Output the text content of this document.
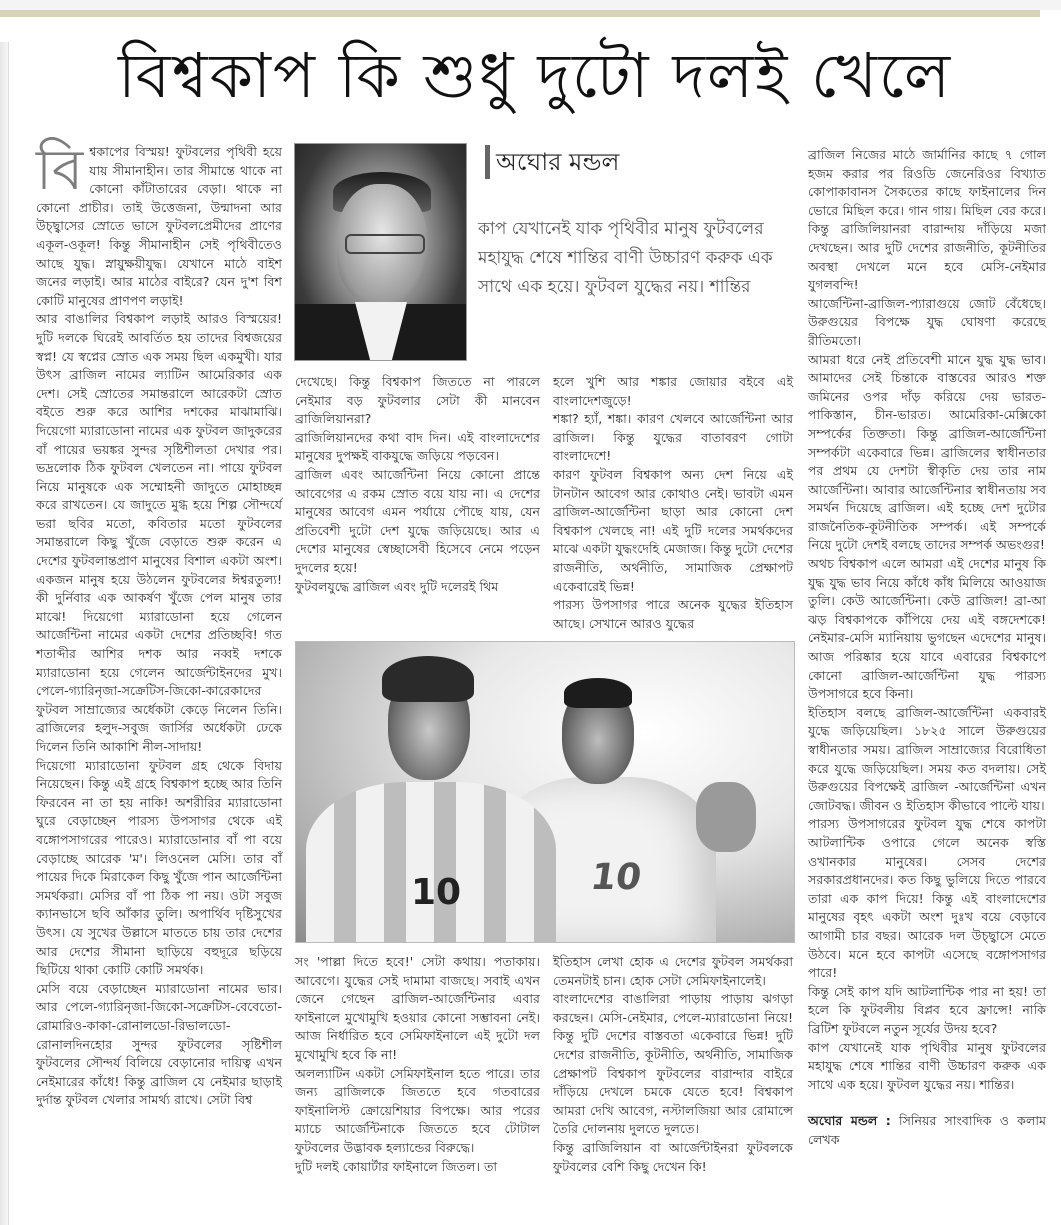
বিশ্বকাপ কি শুধু দুটো দলই খেলে

বি শ্বকাপের বিস্ময়! ফুটবলের পৃথিবী হয়ে যায় সীমানাহীন। তার সীমান্তে থাকে না কোনো কাঁটাতারের বেড়া। থাকে না কোনো প্রাচীর। তাই উত্তেজনা, উন্মাদনা আর উচ্ছ্বাসের স্রোতে ভাসে ফুটবলপ্রেমীদের প্রাণের একূল-ওকূল! কিন্তু সীমানাহীন সেই পৃথিবীতেও আছে যুদ্ধ। স্নায়ুক্ষয়ীযুদ্ধ। যেখানে মাঠে বাইশ জনের লড়াই। আর মাঠের বাইরে? যেন দু'শ বিশ কোটি মানুষের প্রাণপণ লড়াই!

আর বাঙালির বিশ্বকাপ লড়াই আরও বিস্ময়ের! দুটি দলকে ঘিরেই আবর্তিত হয় তাদের বিশ্বজয়ের স্বপ্ন! যে স্বপ্নের স্রোত এক সময় ছিল একমুখী। যার উৎস ব্রাজিল নামের ল্যাটিন আমেরিকার এক দেশ। সেই স্রোতের সমান্তরালে আরেকটা স্রোত বইতে শুরু করে আশির দশকের মাঝামাঝি। দিয়েগো ম্যারাডোনা নামের এক ফুটবল জাদুকরের বাঁ পায়ের ভয়ঙ্কর সুন্দর সৃষ্টিশীলতা দেখার পর। ভদ্রলোক ঠিক ফুটবল খেলতেন না। পায়ে ফুটবল নিয়ে মানুষকে এক সম্মোহনী জাদুতে মোহাচ্ছন্ন করে রাখতেন। যে জাদুতে মুগ্ধ হয়ে শিল্প সৌন্দর্যে ভরা ছবির মতো, কবিতার মতো ফুটবলের সমান্তরালে কিছু খুঁজে বেড়াতে শুরু করেন এ দেশের ফুটবলান্তপ্রাণ মানুষের বিশাল একটা অংশ। একজন মানুষ হয়ে উঠলেন ফুটবলের ঈশ্বরতুল্য! কী দুর্নিবার এক আকর্ষণ খুঁজে পেল মানুষ তার মাঝে! দিয়েগো ম্যারাডোনা হয়ে গেলেন আর্জেন্টিনা নামের একটা দেশের প্রতিচ্ছবি! গত শতাব্দীর আশির দশক আর নব্বই দশকে ম্যারাডোনা হয়ে গেলেন আর্জেন্টাইনদের মুখ। পেলে-গ্যারিনৃজা-সক্রেটিস-জিকো-কারেকাদের ফুটবল সাম্রাজ্যের অর্ধেকটা কেড়ে নিলেন তিনি। ব্রাজিলের হলুদ-সবুজ জার্সির অর্ধেকটা ঢেকে দিলেন তিনি আকাশি নীল-সাদায়!

দিয়েগো ম্যারাডোনা ফুটবল গ্রহ থেকে বিদায় নিয়েছেন। কিন্তু এই গ্রহে বিশ্বকাপ হচ্ছে আর তিনি ফিরবেন না তা হয় নাকি! অশরীরির ম্যারাডোনা ঘুরে বেড়াচ্ছেন পারস্য উপসাগর থেকে এই বঙ্গোপসাগরের পারেও। ম্যারাডোনার বাঁ পা বয়ে বেড়াচ্ছে আরেক 'ম'। লিওনেল মেসি। তার বাঁ পায়ের দিকে মিরাকেল কিছু খুঁজে পান আর্জেন্টিনা সমর্থকরা। মেসির বাঁ পা ঠিক পা নয়। ওটা সবুজ ক্যানভাসে ছবি আঁকার তুলি। অপার্থিব দৃষ্টিসুখের উৎস। যে সুখের উল্লাসে মাততে চায় তার দেশের আর দেশের সীমানা ছাড়িয়ে বহুদূরে ছড়িয়ে ছিটিয়ে থাকা কোটি কোটি সমর্থক।

মেসি বয়ে বেড়াচ্ছেন ম্যারাডোনা নামের ভার। আর পেলে-গ্যারিনৃজা-জিকো-সক্রেটিস-বেবেতো-রোমারিও-কাকা-রোনালডো-রিভালডো-রোনালদিনহোর সুন্দর ফুটবলের সৃষ্টিশীল ফুটবলের সৌন্দর্য বিলিয়ে বেড়ানোর দায়িত্ব এখন নেইমারের কাঁধে! কিন্তু ব্রাজিল যে নেইমার ছাড়াই দুর্দান্ত ফুটবল খেলার সামর্থ্য রাখে। সেটা বিশ্ব

অঘোর মন্ডল
কাপ যেখানেই যাক পৃথিবীর মানুষ ফুটবলের মহাযুদ্ধ শেষে শান্তির বাণী উচ্চারণ করুক এক সাথে এক হয়ে। ফুটবল যুদ্ধের নয়। শান্তির

দেখেছে। কিন্তু বিশ্বকাপ জিততে না পারলে নেইমার বড় ফুটবলার সেটা কী মানবেন ব্রাজিলিয়ানরা?

ব্রাজিলিয়ানদের কথা বাদ দিন। এই বাংলাদেশের মানুষের দুপক্ষই বাকযুদ্ধে জড়িয়ে পড়বেন।

ব্রাজিল এবং আর্জেন্টিনা নিয়ে কোনো প্রান্তে আবেগের এ রকম স্রোত বয়ে যায় না। এ দেশের মানুষের আবেগ এমন পর্যায়ে পৌছে যায়, যেন প্রতিবেশী দুটো দেশ যুদ্ধে জড়িয়েছে। আর এ দেশের মানুষের স্বেচ্ছাসেবী হিসেবে নেমে পড়েন দুদলের হয়ে!

ফুটবলযুদ্ধে ব্রাজিল এবং দুটি দলেরই থিম

হলে খুশি আর শঙ্কার জোয়ার বইবে এই বাংলাদেশজুড়ে!

শঙ্কা? হ্যাঁ, শঙ্কা। কারণ খেলবে আর্জেন্টিনা আর ব্রাজিল। কিন্তু যুদ্ধের বাতাবরণ গোটা বাংলাদেশে!

কারণ ফুটবল বিশ্বকাপ অন্য দেশ নিয়ে এই টানটান আবেগ আর কোথাও নেই। ভাবটা এমন ব্রাজিল-আর্জেন্টিনা ছাড়া আর কোনো দেশ বিশ্বকাপ খেলছে না! এই দুটি দলের সমর্থকদের মাঝে একটা যুদ্ধংদেহি মেজাজ। কিন্তু দুটো দেশের রাজনীতি, অর্থনীতি, সামাজিক প্রেক্ষাপট একেবারেই ভিন্ন!

পারস্য উপসাগর পারে অনেক যুদ্ধের ইতিহাস আছে। সেখানে আরও যুদ্ধের

10	10

সং 'পাল্লা দিতে হবে!' সেটা কথায়। পতাকায়। আবেগে। যুদ্ধের সেই দামামা বাজছে। সবাই এখন জেনে গেছেন ব্রাজিল-আর্জেন্টিনার এবার ফাইনালে মুখোমুখি হওয়ার কোনো সম্ভাবনা নেই। আজ নির্ধারিত হবে সেমিফাইনালে এই দুটো দল মুখোমুখি হবে কি না!

অলল্যাটিন একটা সেমিফাইনাল হতে পারে। তার জন্য ব্রাজিলকে জিততে হবে গতবারের ফাইনালিস্ট ক্রোয়েশিয়ার বিপক্ষে। আর পরের ম্যাচে আর্জেন্টিনাকে জিততে হবে টোটাল ফুটবলের উদ্ভাবক হল্যান্ডের বিরুদ্ধে।

দুটি দলই কোয়ার্টার ফাইনালে জিতল। তা

ইতিহাস লেখা হোক এ দেশের ফুটবল সমর্থকরা তেমনটাই চান। হোক সেটা সেমিফাইনালেই।

বাংলাদেশের বাঙালিরা পাড়ায় পাড়ায় ঝগড়া করছেন। মেসি-নেইমার, পেলে-ম্যারাডোনা নিয়ে! কিন্তু দুটি দেশের বাস্তবতা একেবারে ভিন্ন! দুটি দেশের রাজনীতি, কূটনীতি, অর্থনীতি, সামাজিক প্রেক্ষাপট বিশ্বকাপ ফুটবলের বারান্দার বাইরে দাঁড়িয়ে দেখলে চমকে যেতে হবে! বিশ্বকাপ আমরা দেখি আবেগ, নস্টালজিয়া আর রোমান্সে তৈরি দোলনায় দুলতে দুলতে।

কিন্তু ব্রাজিলিয়ান বা আর্জেন্টাইনরা ফুটবলকে ফুটবলের বেশি কিছু দেখেন কি!

ব্রাজিল নিজের মাঠে জার্মানির কাছে ৭ গোল হজম করার পর রিওডি জেনেরিওর বিখ্যাত কোপাকাবানস সৈকতের কাছে ফাইনালের দিন ভোরে মিছিল করে। গান গায়। মিছিল বের করে। কিন্তু ব্রাজিলিয়ানরা বারান্দায় দাঁড়িয়ে মজা দেখছেন। আর দুটি দেশের রাজনীতি, কূটনীতির অবস্থা দেখলে মনে হবে মেসি-নেইমার যুগলবন্দি!

আর্জেন্টিনা-ব্রাজিল-প্যারাগুয়ে জোট বেঁধেছে। উরুগুয়ের বিপক্ষে যুদ্ধ ঘোষণা করেছে রীতিমতো।

আমরা ধরে নেই প্রতিবেশী মানে যুদ্ধ যুদ্ধ ভাব। আমাদের সেই চিন্তাকে বাস্তবের আরও শক্ত জমিনের ওপর দাঁড় করিয়ে দেয় ভারত-পাকিস্তান, চীন-ভারত। আমেরিকা-মেক্সিকো সম্পর্কের তিক্ততা। কিন্তু ব্রাজিল-আর্জেন্টিনা সম্পর্কটা একেবারে ভিন্ন। ব্রাজিলের স্বাধীনতার পর প্রথম যে দেশটা স্বীকৃতি দেয় তার নাম আর্জেন্টিনা। আবার আর্জেন্টিনার স্বাধীনতায় সব সমর্থন দিয়েছে ব্রাজিল। এই হচ্ছে দেশ দুটোর রাজনৈতিক-কূটনীতিক সম্পর্ক। এই সম্পর্কে নিয়ে দুটো দেশই বলছে তাদের সম্পর্ক অভংগুর!

অথচ বিশ্বকাপ এলে আমরা এই দেশের মানুষ কি যুদ্ধ যুদ্ধ ভাব নিয়ে কাঁধে কাঁধ মিলিয়ে আওয়াজ তুলি। কেউ আর্জেন্টিনা। কেউ ব্রাজিল! ব্রা-আ ঝড় বিশ্বকাপকে কাঁপিয়ে দেয় এই বঙ্গদেশকে! নেইমার-মেসি ম্যানিয়ায় ভুগছেন এদেশের মানুষ। আজ পরিষ্কার হয়ে যাবে এবারের বিশ্বকাপে কোনো ব্রাজিল-আর্জেন্টিনা যুদ্ধ পারস্য উপসাগরে হবে কিনা।

ইতিহাস বলছে ব্রাজিল-আর্জেন্টিনা একবারই যুদ্ধে জড়িয়েছিল। ১৮২৫ সালে উরুগুয়ের স্বাধীনতার সময়। ব্রাজিল সাম্রাজ্যের বিরোধিতা করে যুদ্ধে জড়িয়েছিল। সময় কত বদলায়। সেই উরুগুয়ের বিপক্ষেই ব্রাজিল -আর্জেন্টিনা এখন জোটবদ্ধ। জীবন ও ইতিহাস কীভাবে পাল্টে যায়।

পারস্য উপসাগরের ফুটবল যুদ্ধ শেষে কাপটা আটলান্টিক ওপারে গেলে অনেক স্বস্তি ওখানকার মানুষের। সেসব দেশের সরকারপ্রধানদের। কত কিছু ভুলিয়ে দিতে পারবে তারা এক কাপ দিয়ে! কিন্তু এই বাংলাদেশের মানুষের বৃহৎ একটা অংশ দুঃখ বয়ে বেড়াবে আগামী চার বছর। আরেক দল উচ্ছ্বাসে মেতে উঠবে। মনে হবে কাপটা এসেছে বঙ্গোপসাগর পারে!

কিন্তু সেই কাপ যদি আটলান্টিক পার না হয়! তা হলে কি ফুটবলীয় বিপ্লব হবে ফ্রান্সে! নাকি ব্রিটিশ ফুটবলে নতুন সূর্যের উদয় হবে?

কাপ যেখানেই যাক পৃথিবীর মানুষ ফুটবলের মহাযুদ্ধ শেষে শান্তির বাণী উচ্চারণ করুক এক সাথে এক হয়ে। ফুটবল যুদ্ধের নয়। শান্তির।

অঘোর মন্ডল : সিনিয়র সাংবাদিক ও কলাম লেখক
